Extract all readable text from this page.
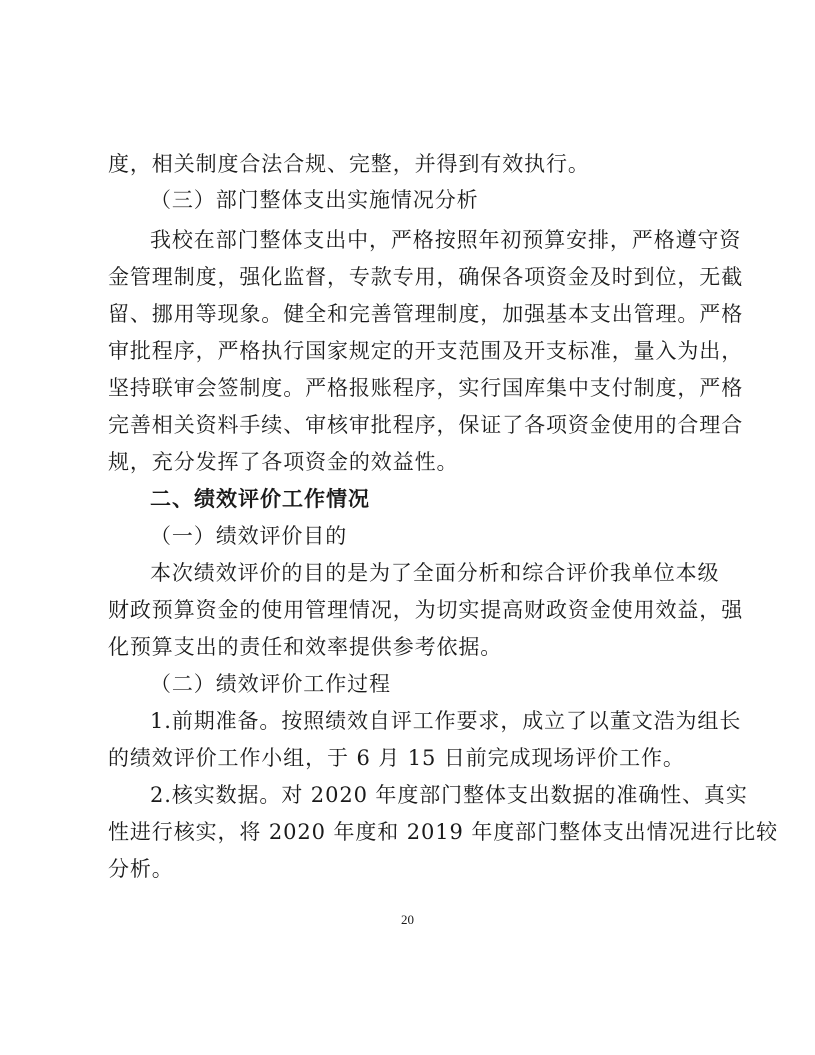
度，相关制度合法合规、完整，并得到有效执行。
（三）部门整体支出实施情况分析
我校在部门整体支出中，严格按照年初预算安排，严格遵守资
金管理制度，强化监督，专款专用，确保各项资金及时到位，无截
留、挪用等现象。健全和完善管理制度，加强基本支出管理。严格
审批程序，严格执行国家规定的开支范围及开支标准，量入为出，
坚持联审会签制度。严格报账程序，实行国库集中支付制度，严格
完善相关资料手续、审核审批程序，保证了各项资金使用的合理合
规，充分发挥了各项资金的效益性。
二、绩效评价工作情况
（一）绩效评价目的
本次绩效评价的目的是为了全面分析和综合评价我单位本级
财政预算资金的使用管理情况，为切实提高财政资金使用效益，强
化预算支出的责任和效率提供参考依据。
（二）绩效评价工作过程
1.前期准备。按照绩效自评工作要求，成立了以董文浩为组长
的绩效评价工作小组，于 6 月 15 日前完成现场评价工作。
2.核实数据。对 2020 年度部门整体支出数据的准确性、真实
性进行核实，将 2020 年度和 2019 年度部门整体支出情况进行比较
分析。
20
